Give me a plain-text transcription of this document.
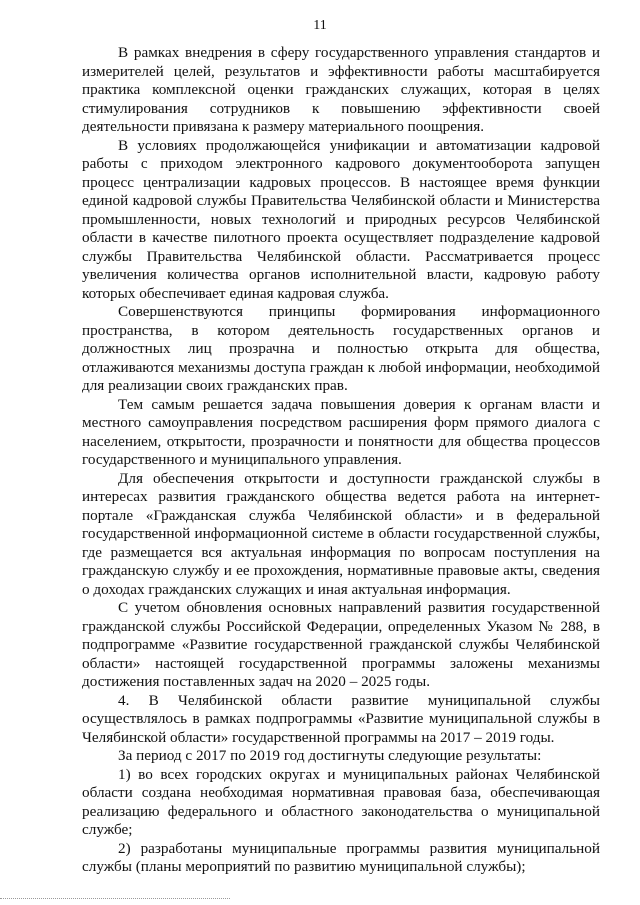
11

В рамках внедрения в сферу государственного управления стандартов и измерителей целей, результатов и эффективности работы масштабируется практика комплексной оценки гражданских служащих, которая в целях стимулирования сотрудников к повышению эффективности своей деятельности привязана к размеру материального поощрения.

В условиях продолжающейся унификации и автоматизации кадровой работы с приходом электронного кадрового документооборота запущен процесс централизации кадровых процессов. В настоящее время функции единой кадровой службы Правительства Челябинской области и Министерства промышленности, новых технологий и природных ресурсов Челябинской области в качестве пилотного проекта осуществляет подразделение кадровой службы Правительства Челябинской области. Рассматривается процесс увеличения количества органов исполнительной власти, кадровую работу которых обеспечивает единая кадровая служба.

Совершенствуются принципы формирования информационного пространства, в котором деятельность государственных органов и должностных лиц прозрачна и полностью открыта для общества, отлаживаются механизмы доступа граждан к любой информации, необходимой для реализации своих гражданских прав.

Тем самым решается задача повышения доверия к органам власти и местного самоуправления посредством расширения форм прямого диалога с населением, открытости, прозрачности и понятности для общества процессов государственного и муниципального управления.

Для обеспечения открытости и доступности гражданской службы в интересах развития гражданского общества ведется работа на интернет-портале «Гражданская служба Челябинской области» и в федеральной государственной информационной системе в области государственной службы, где размещается вся актуальная информация по вопросам поступления на гражданскую службу и ее прохождения, нормативные правовые акты, сведения о доходах гражданских служащих и иная актуальная информация.

С учетом обновления основных направлений развития государственной гражданской службы Российской Федерации, определенных Указом № 288, в подпрограмме «Развитие государственной гражданской службы Челябинской области» настоящей государственной программы заложены механизмы достижения поставленных задач на 2020 – 2025 годы.

4. В Челябинской области развитие муниципальной службы осуществлялось в рамках подпрограммы «Развитие муниципальной службы в Челябинской области» государственной программы на 2017 – 2019 годы.

За период с 2017 по 2019 год достигнуты следующие результаты:

1) во всех городских округах и муниципальных районах Челябинской области создана необходимая нормативная правовая база, обеспечивающая реализацию федерального и областного законодательства о муниципальной службе;

2) разработаны муниципальные программы развития муниципальной службы (планы мероприятий по развитию муниципальной службы);
